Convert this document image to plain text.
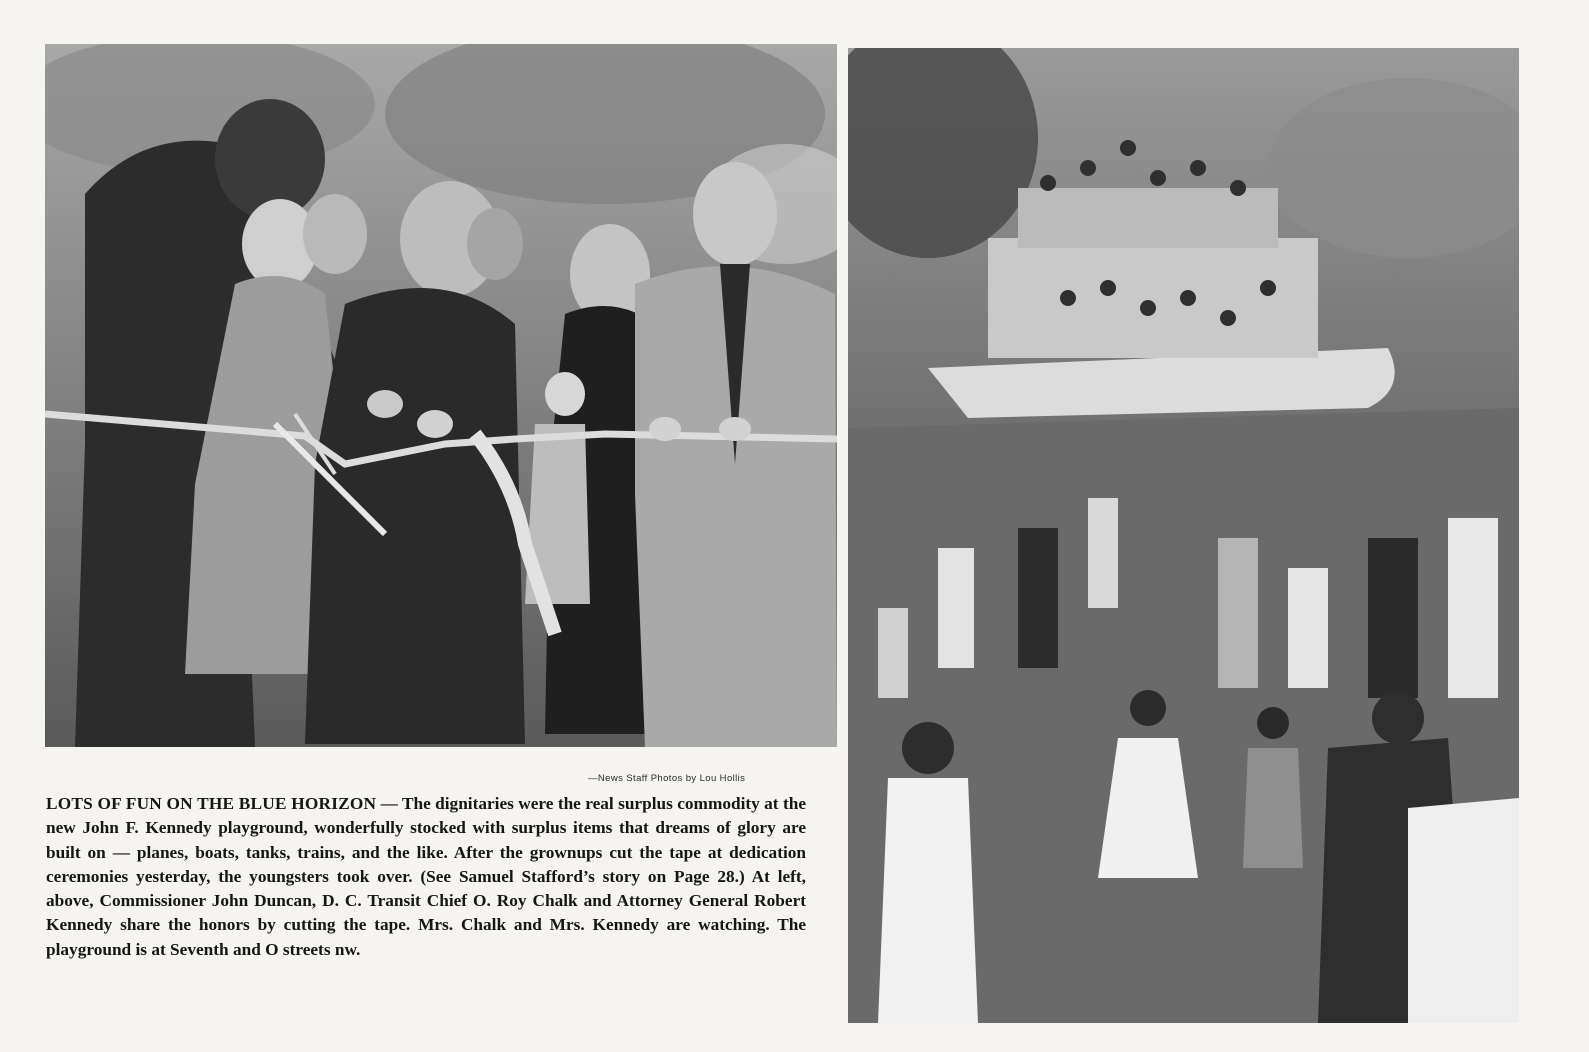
—News Staff Photos by Lou Hollis
LOTS OF FUN ON THE BLUE HORIZON — The dignitaries were the real surplus commodity at the new John F. Kennedy playground, wonderfully stocked with surplus items that dreams of glory are built on — planes, boats, tanks, trains, and the like. After the grownups cut the tape at dedication ceremonies yesterday, the youngsters took over. (See Samuel Stafford’s story on Page 28.) At left, above, Commissioner John Duncan, D. C. Transit Chief O. Roy Chalk and Attorney General Robert Kennedy share the honors by cutting the tape. Mrs. Chalk and Mrs. Kennedy are watching. The playground is at Seventh and O streets nw.
